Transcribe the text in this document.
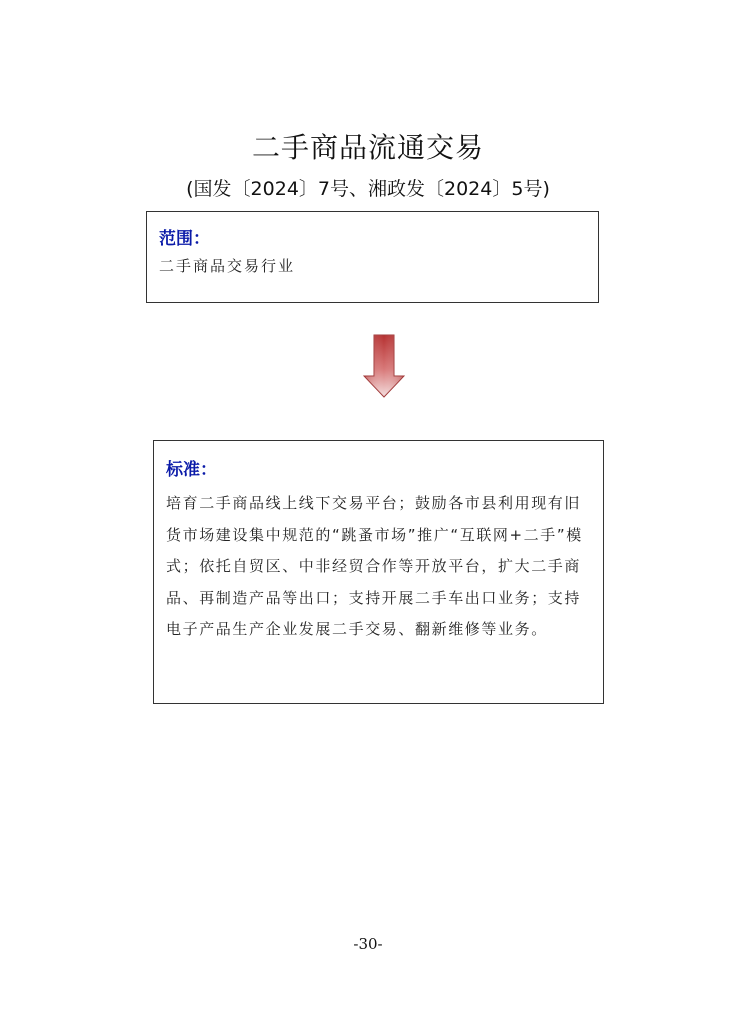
二手商品流通交易
(国发〔2024〕7号、湘政发〔2024〕5号)
范围：
二手商品交易行业
标准：
培育二手商品线上线下交易平台；鼓励各市县利用现有旧货市场建设集中规范的“跳蚤市场”推广“互联网+二手”模式；依托自贸区、中非经贸合作等开放平台，扩大二手商品、再制造产品等出口；支持开展二手车出口业务；支持电子产品生产企业发展二手交易、翻新维修等业务。
-30-
